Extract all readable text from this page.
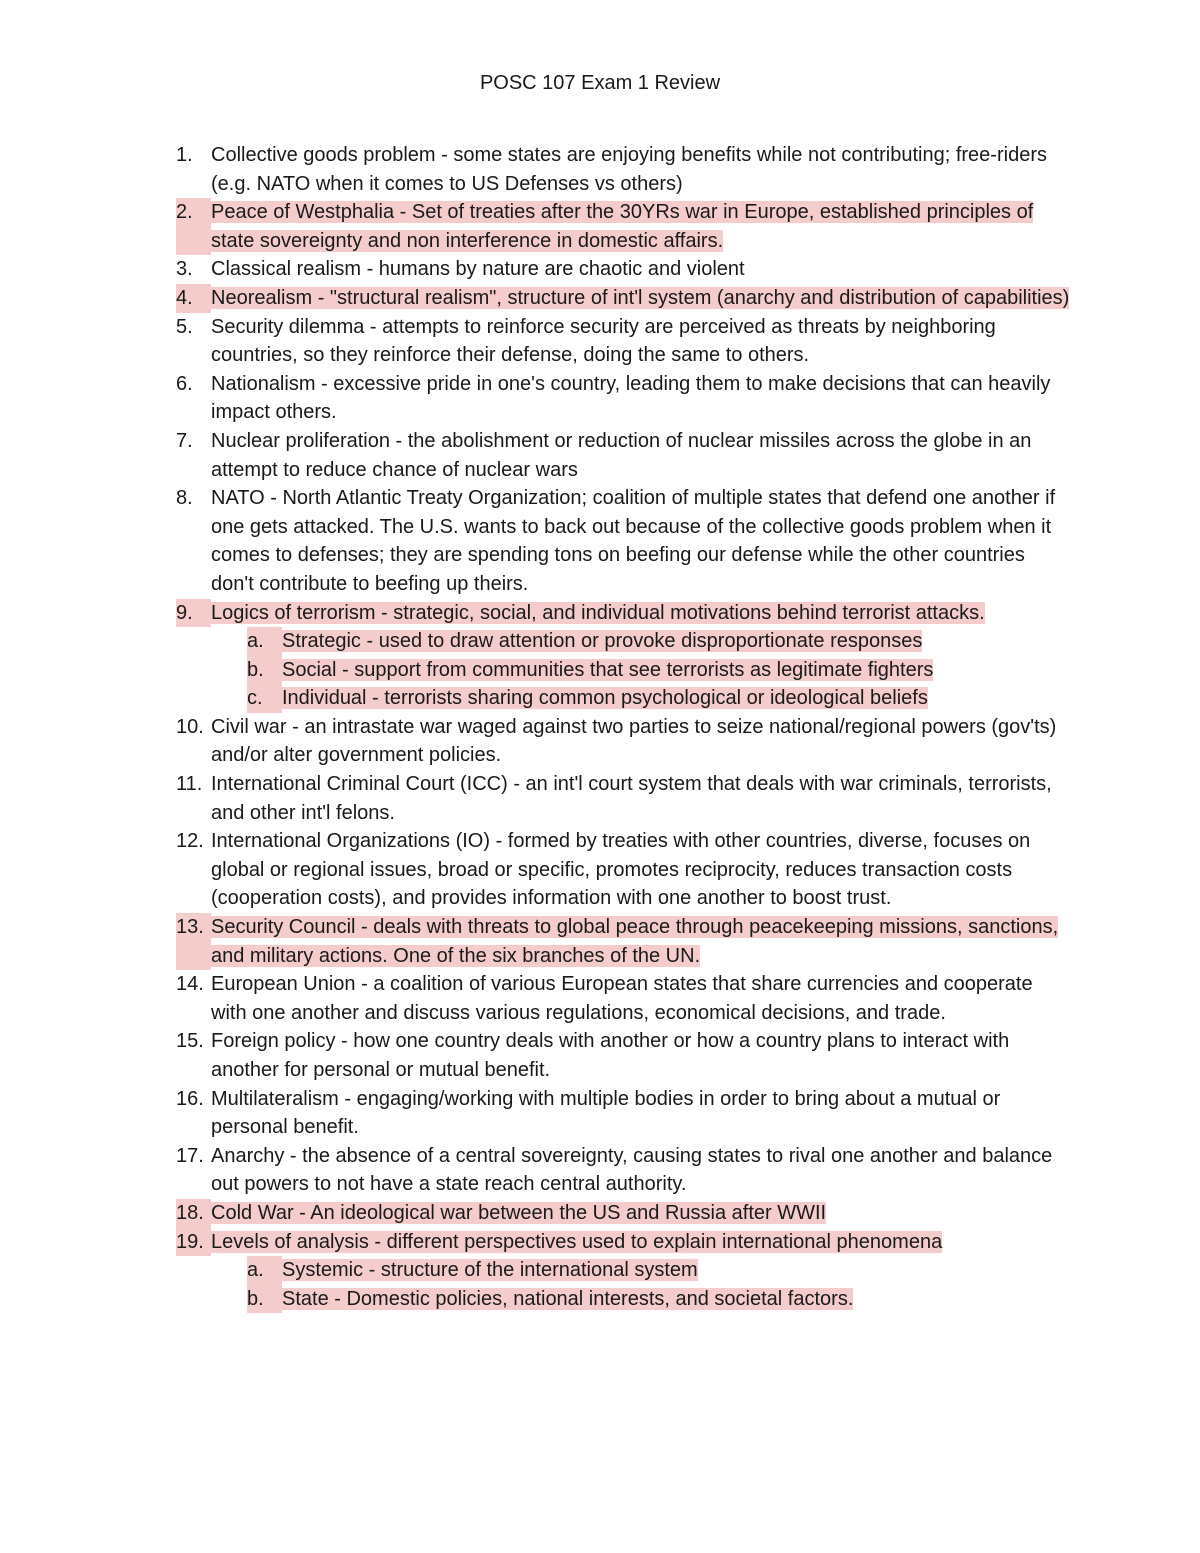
POSC 107 Exam 1 Review
1. Collective goods problem - some states are enjoying benefits while not contributing; free-riders (e.g. NATO when it comes to US Defenses vs others)
2. Peace of Westphalia - Set of treaties after the 30YRs war in Europe, established principles of state sovereignty and non interference in domestic affairs.
3. Classical realism - humans by nature are chaotic and violent
4. Neorealism - "structural realism", structure of int'l system (anarchy and distribution of capabilities)
5. Security dilemma - attempts to reinforce security are perceived as threats by neighboring countries, so they reinforce their defense, doing the same to others.
6. Nationalism - excessive pride in one's country, leading them to make decisions that can heavily impact others.
7. Nuclear proliferation - the abolishment or reduction of nuclear missiles across the globe in an attempt to reduce chance of nuclear wars
8. NATO - North Atlantic Treaty Organization; coalition of multiple states that defend one another if one gets attacked. The U.S. wants to back out because of the collective goods problem when it comes to defenses; they are spending tons on beefing our defense while the other countries don't contribute to beefing up theirs.
9. Logics of terrorism - strategic, social, and individual motivations behind terrorist attacks.
a. Strategic - used to draw attention or provoke disproportionate responses
b. Social - support from communities that see terrorists as legitimate fighters
c. Individual - terrorists sharing common psychological or ideological beliefs
10. Civil war - an intrastate war waged against two parties to seize national/regional powers (gov'ts) and/or alter government policies.
11. International Criminal Court (ICC) - an int'l court system that deals with war criminals, terrorists, and other int'l felons.
12. International Organizations (IO) - formed by treaties with other countries, diverse, focuses on global or regional issues, broad or specific, promotes reciprocity, reduces transaction costs (cooperation costs), and provides information with one another to boost trust.
13. Security Council - deals with threats to global peace through peacekeeping missions, sanctions, and military actions. One of the six branches of the UN.
14. European Union - a coalition of various European states that share currencies and cooperate with one another and discuss various regulations, economical decisions, and trade.
15. Foreign policy - how one country deals with another or how a country plans to interact with another for personal or mutual benefit.
16. Multilateralism - engaging/working with multiple bodies in order to bring about a mutual or personal benefit.
17. Anarchy - the absence of a central sovereignty, causing states to rival one another and balance out powers to not have a state reach central authority.
18. Cold War - An ideological war between the US and Russia after WWII
19. Levels of analysis - different perspectives used to explain international phenomena
a. Systemic - structure of the international system
b. State - Domestic policies, national interests, and societal factors.
